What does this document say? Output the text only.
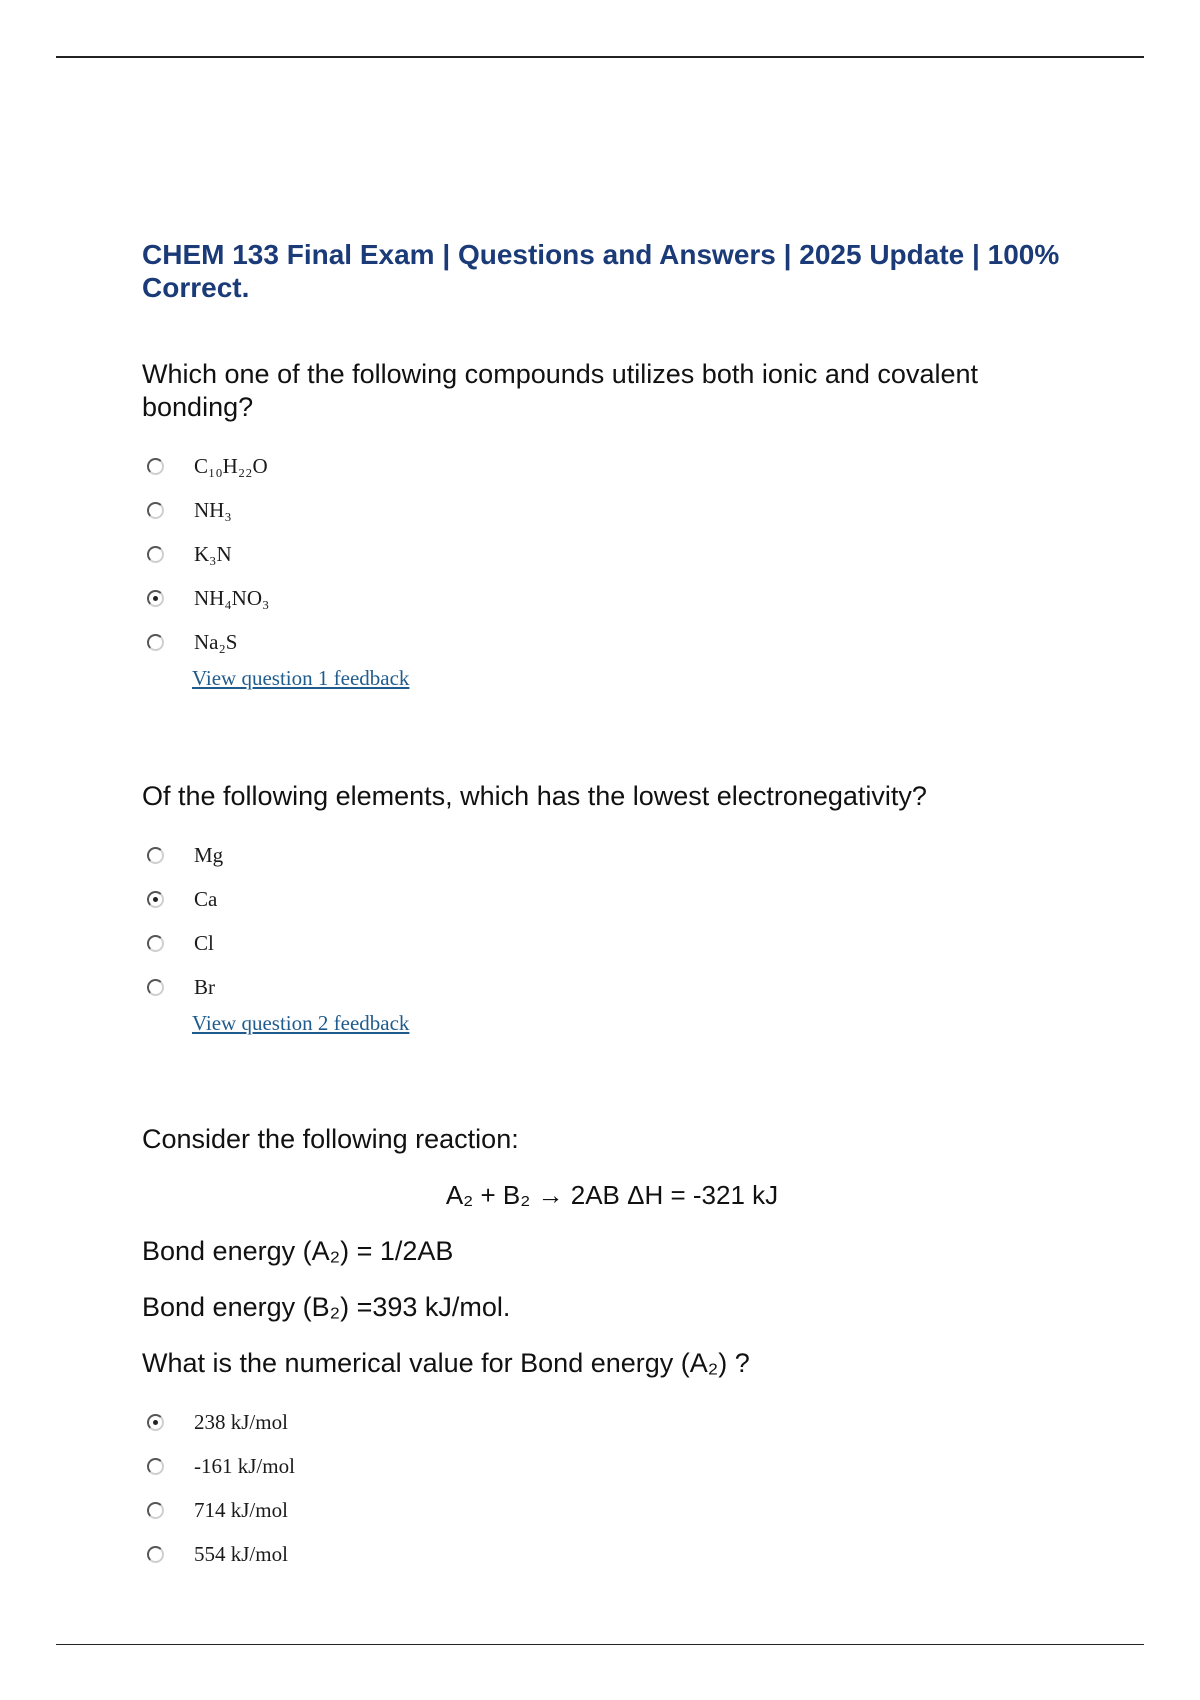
CHEM 133 Final Exam | Questions and Answers | 2025 Update | 100% Correct.

Which one of the following compounds utilizes both ionic and covalent bonding?

C₁₀H₂₂O
NH₃
K₃N
NH₄NO₃
Na₂S
View question 1 feedback

Of the following elements, which has the lowest electronegativity?

Mg
Ca
Cl
Br
View question 2 feedback

Consider the following reaction:

A₂ + B₂ → 2AB ΔH = -321 kJ
Bond energy (A₂) = 1/2AB
Bond energy (B₂) =393 kJ/mol.
What is the numerical value for Bond energy (A₂) ?
238 kJ/mol
-161 kJ/mol
714 kJ/mol
554 kJ/mol
